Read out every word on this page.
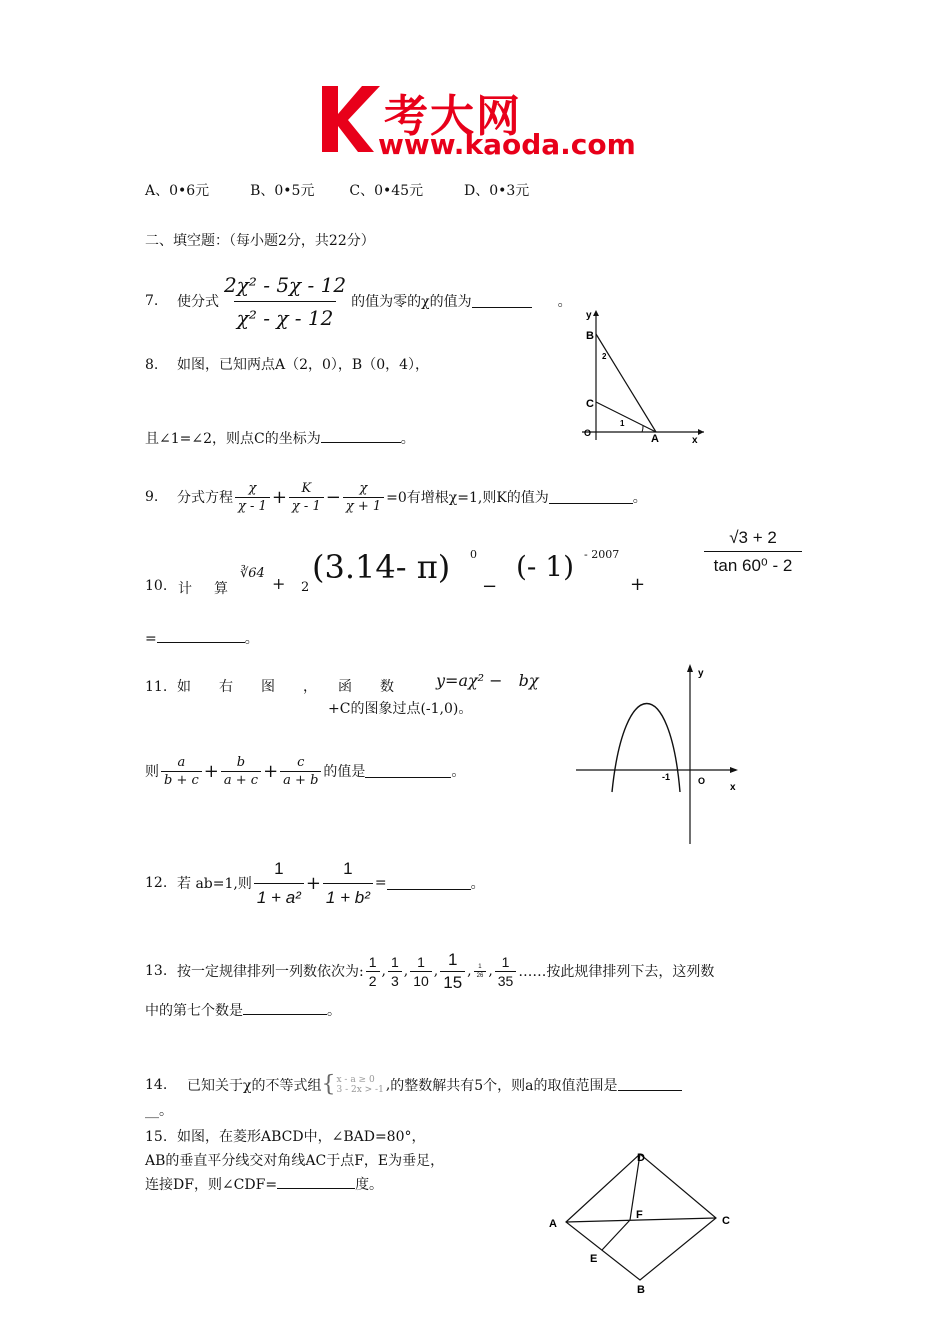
考大网
www.kaoda.com
A、0•6元	B、0•5元 C、0•45元	D、0•3元
二、填空题：（每小题2分，共22分）
7.	使分式 $\frac{\text{2χ² - 5χ - 12}}{\text{χ² - χ - 12}}$ 的值为零的χ的值为	。
8. 如图，已知两点A（2，0），B（0，4），
且∠1=∠2，则点C的坐标为	。
y
B
2
C
1
O	A	x
9.	分式方程 $\frac{\chi}{\chi - 1} + \frac{K}{\chi - 1} - \frac{\chi}{\chi + 1} =0$有增根χ=1,则K的值为	。
10. 计　算
∛64
+ 2
(3.14- π) 0
−
(- 1) - 2007
+
$\frac{√3 + 2}{\text{tan 60⁰ - 2}}$
=	。
11. 如　　右　　图　　，　　函　　数	y=aχ² −　bχ
+C的图象过点(-1,0)。
则 $\frac{a}{b + c} + \frac{b}{a + c} + \frac{c}{a + b}$ 的值是	。
y
-1	O
x
12. 若 ab=1,则 $\frac{1}{\text{1 + a²}} + \frac{1}{\text{1 + b²}}$ =	。
13. 按一定规律排列一列数依次为: $\frac{1}{2}$ , $\frac{1}{3}$ , $\frac{1}{10}$ , $\frac{1}{15}$ , $\frac{1}{26}$ , $\frac{1}{35}$ ……按此规律排列下去，这列数
中的第七个数是	。
14.	已知关于χ的不等式组 { x - a ≥ 0
3 - 2x > -1 , 的整数解共有5个，则a的取值范围是
__。
15. 如图，在菱形ABCD中，∠BAD=80°，
AB的垂直平分线交对角线AC于点F，E为垂足，
连接DF，则∠CDF=	度。
D
A	C
F
E
B
